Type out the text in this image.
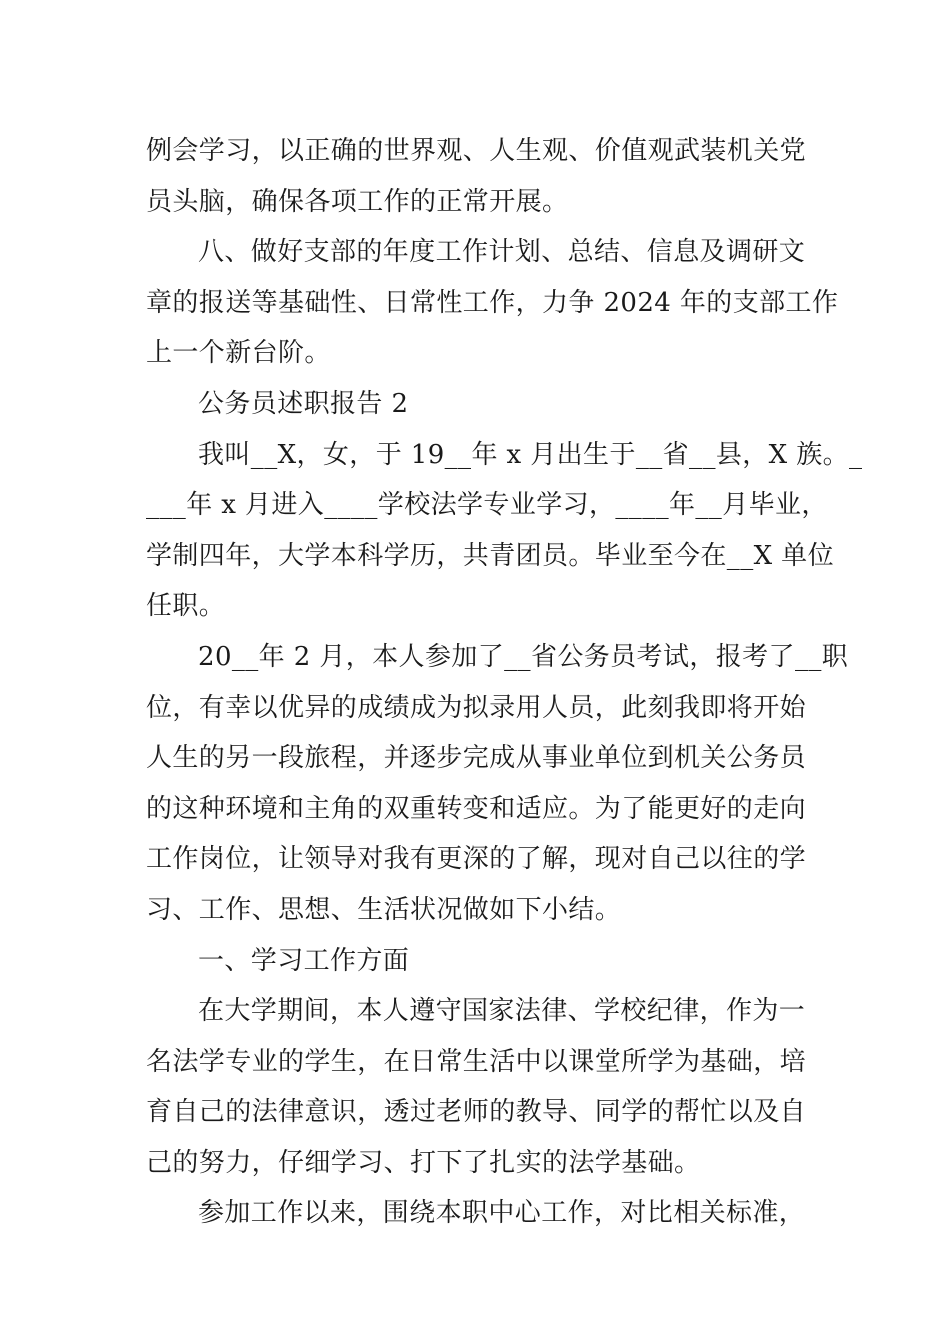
例会学习，以正确的世界观、人生观、价值观武装机关党
员头脑，确保各项工作的正常开展。
八、做好支部的年度工作计划、总结、信息及调研文
章的报送等基础性、日常性工作，力争 2024 年的支部工作
上一个新台阶。
公务员述职报告 2
我叫__X，女，于 19__年 x 月出生于__省__县，X 族。_
___年 x 月进入____学校法学专业学习，____年__月毕业，
学制四年，大学本科学历，共青团员。毕业至今在__X 单位
任职。
20__年 2 月，本人参加了__省公务员考试，报考了__职
位，有幸以优异的成绩成为拟录用人员，此刻我即将开始
人生的另一段旅程，并逐步完成从事业单位到机关公务员
的这种环境和主角的双重转变和适应。为了能更好的走向
工作岗位，让领导对我有更深的了解，现对自己以往的学
习、工作、思想、生活状况做如下小结。
一、学习工作方面
在大学期间，本人遵守国家法律、学校纪律，作为一
名法学专业的学生，在日常生活中以课堂所学为基础，培
育自己的法律意识，透过老师的教导、同学的帮忙以及自
己的努力，仔细学习、打下了扎实的法学基础。
参加工作以来，围绕本职中心工作，对比相关标准，
